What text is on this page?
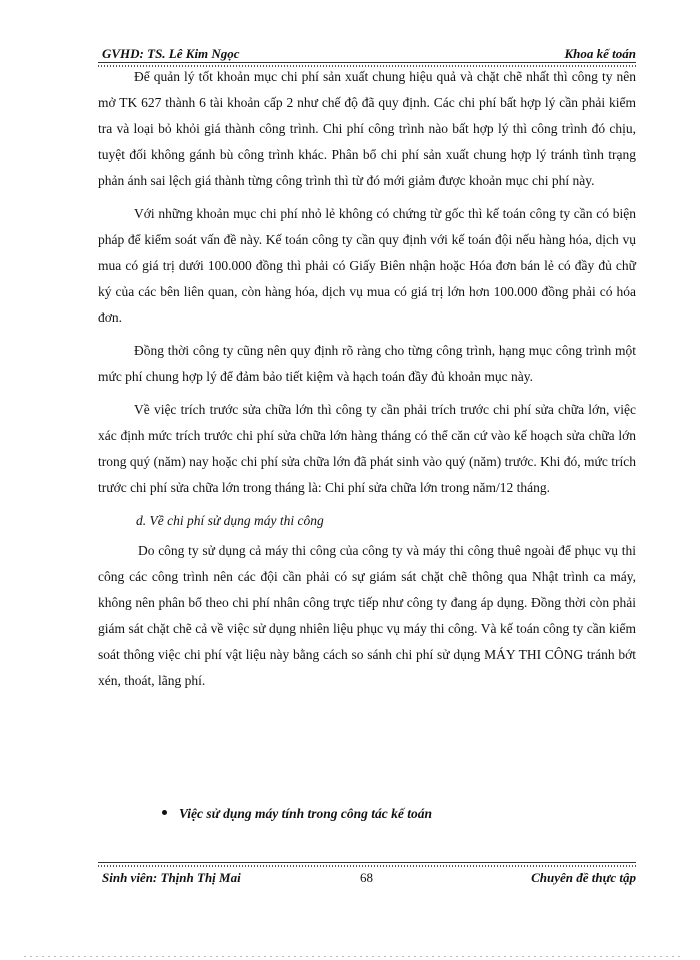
GVHD: TS. Lê Kim Ngọc	Khoa kế toán

Để quản lý tốt khoản mục chi phí sản xuất chung hiệu quả và chặt chẽ nhất thì công ty nên mở TK 627 thành 6 tài khoản cấp 2 như chế độ đã quy định. Các chi phí bất hợp lý cần phải kiểm tra và loại bỏ khỏi giá thành công trình. Chi phí công trình nào bất hợp lý thì công trình đó chịu, tuyệt đối không gánh bù công trình khác. Phân bổ chi phí sản xuất chung hợp lý tránh tình trạng phản ánh sai lệch giá thành từng công trình thì từ đó mới giảm được khoản mục chi phí này.

Với những khoản mục chi phí nhỏ lẻ không có chứng từ gốc thì kế toán công ty cần có biện pháp để kiểm soát vấn đề này. Kế toán công ty cần quy định với kế toán đội nếu hàng hóa, dịch vụ mua có giá trị dưới 100.000 đồng thì phải có Giấy Biên nhận hoặc Hóa đơn bán lẻ có đầy đủ chữ ký của các bên liên quan, còn hàng hóa, dịch vụ mua có giá trị lớn hơn 100.000 đồng phải có hóa đơn.

Đồng thời công ty cũng nên quy định rõ ràng cho từng công trình, hạng mục công trình một mức phí chung hợp lý để đảm bảo tiết kiệm và hạch toán đầy đủ khoản mục này.

Về việc trích trước sửa chữa lớn thì công ty cần phải trích trước chi phí sửa chữa lớn, việc xác định mức trích trước chi phí sửa chữa lớn hàng tháng có thể căn cứ vào kế hoạch sửa chữa lớn trong quý (năm) nay hoặc chi phí sửa chữa lớn đã phát sinh vào quý (năm) trước. Khi đó, mức trích trước chi phí sửa chữa lớn trong tháng là: Chi phí sửa chữa lớn trong năm/12 tháng.

d. Về chi phí sử dụng máy thi công

Do công ty sử dụng cả máy thi công của công ty và máy thi công thuê ngoài để phục vụ thi công các công trình nên các đội cần phải có sự giám sát chặt chẽ thông qua Nhật trình ca máy, không nên phân bổ theo chi phí nhân công trực tiếp như công ty đang áp dụng. Đồng thời còn phải giám sát chặt chẽ cả về việc sử dụng nhiên liệu phục vụ máy thi công. Và kế toán công ty cần kiểm soát thông việc chi phí vật liệu này bằng cách so sánh chi phí sử dụng MÁY THI CÔNG tránh bớt xén, thoát, lãng phí.

Việc sử dụng máy tính trong công tác kế toán
Sinh viên: Thịnh Thị Mai	68	Chuyên đề thực tập
